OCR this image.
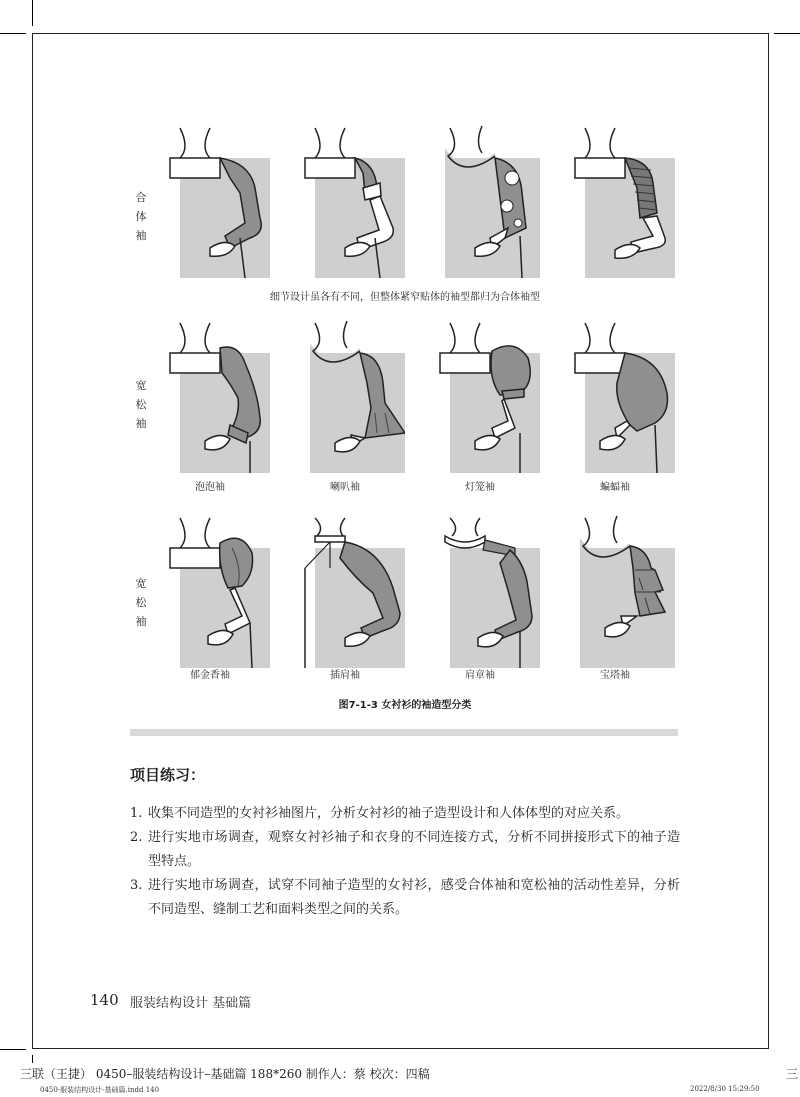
合
体
袖
宽
松
袖
宽
松
袖
细节设计虽各有不同，但整体紧窄贴体的袖型都归为合体袖型
泡泡袖	喇叭袖	灯笼袖	蝙蝠袖
郁金香袖	插肩袖	肩章袖	宝塔袖
图7-1-3 女衬衫的袖造型分类
项目练习：
1. 收集不同造型的女衬衫袖图片，分析女衬衫的袖子造型设计和人体体型的对应关系。
2. 进行实地市场调查，观察女衬衫袖子和衣身的不同连接方式，分析不同拼接形式下的袖子造型特点。
3. 进行实地市场调查，试穿不同袖子造型的女衬衫，感受合体袖和宽松袖的活动性差异，分析不同造型、缝制工艺和面料类型之间的关系。
140 服装结构设计 基础篇
三联（王捷） 0450–服装结构设计–基础篇 188*260 制作人：蔡 校次：四稿	三
0450-服装结构设计-基础篇.indd 140	2022/8/30 15:29:50
